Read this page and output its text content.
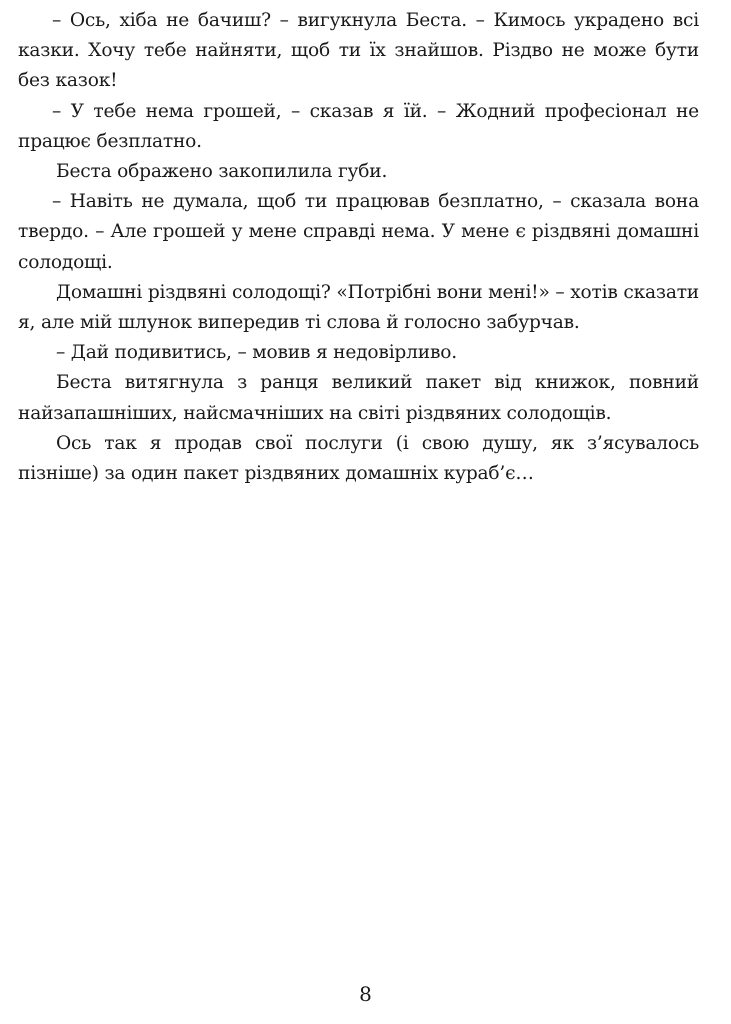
– Ось, хіба не бачиш? – вигукнула Беста. – Кимось украдено всі казки. Хочу тебе найняти, щоб ти їх знайшов. Різдво не може бути без казок!

– У тебе нема грошей, – сказав я їй. – Жодний професіонал не працює безплатно.

Беста ображено закопилила губи.

– Навіть не думала, щоб ти працював безплатно, – сказала вона твердо. – Але грошей у мене справді нема. У мене є різдвяні домашні солодощі.

Домашні різдвяні солодощі? «Потрібні вони мені!» – хотів сказати я, але мій шлунок випередив ті слова й голосно забурчав.

– Дай подивитись, – мовив я недовірливо.

Беста витягнула з ранця великий пакет від книжок, повний найзапашніших, найсмачніших на світі різдвяних солодощів.

Ось так я продав свої послуги (і свою душу, як з’ясувалось пізніше) за один пакет різдвяних домашніх кураб’є…

8
